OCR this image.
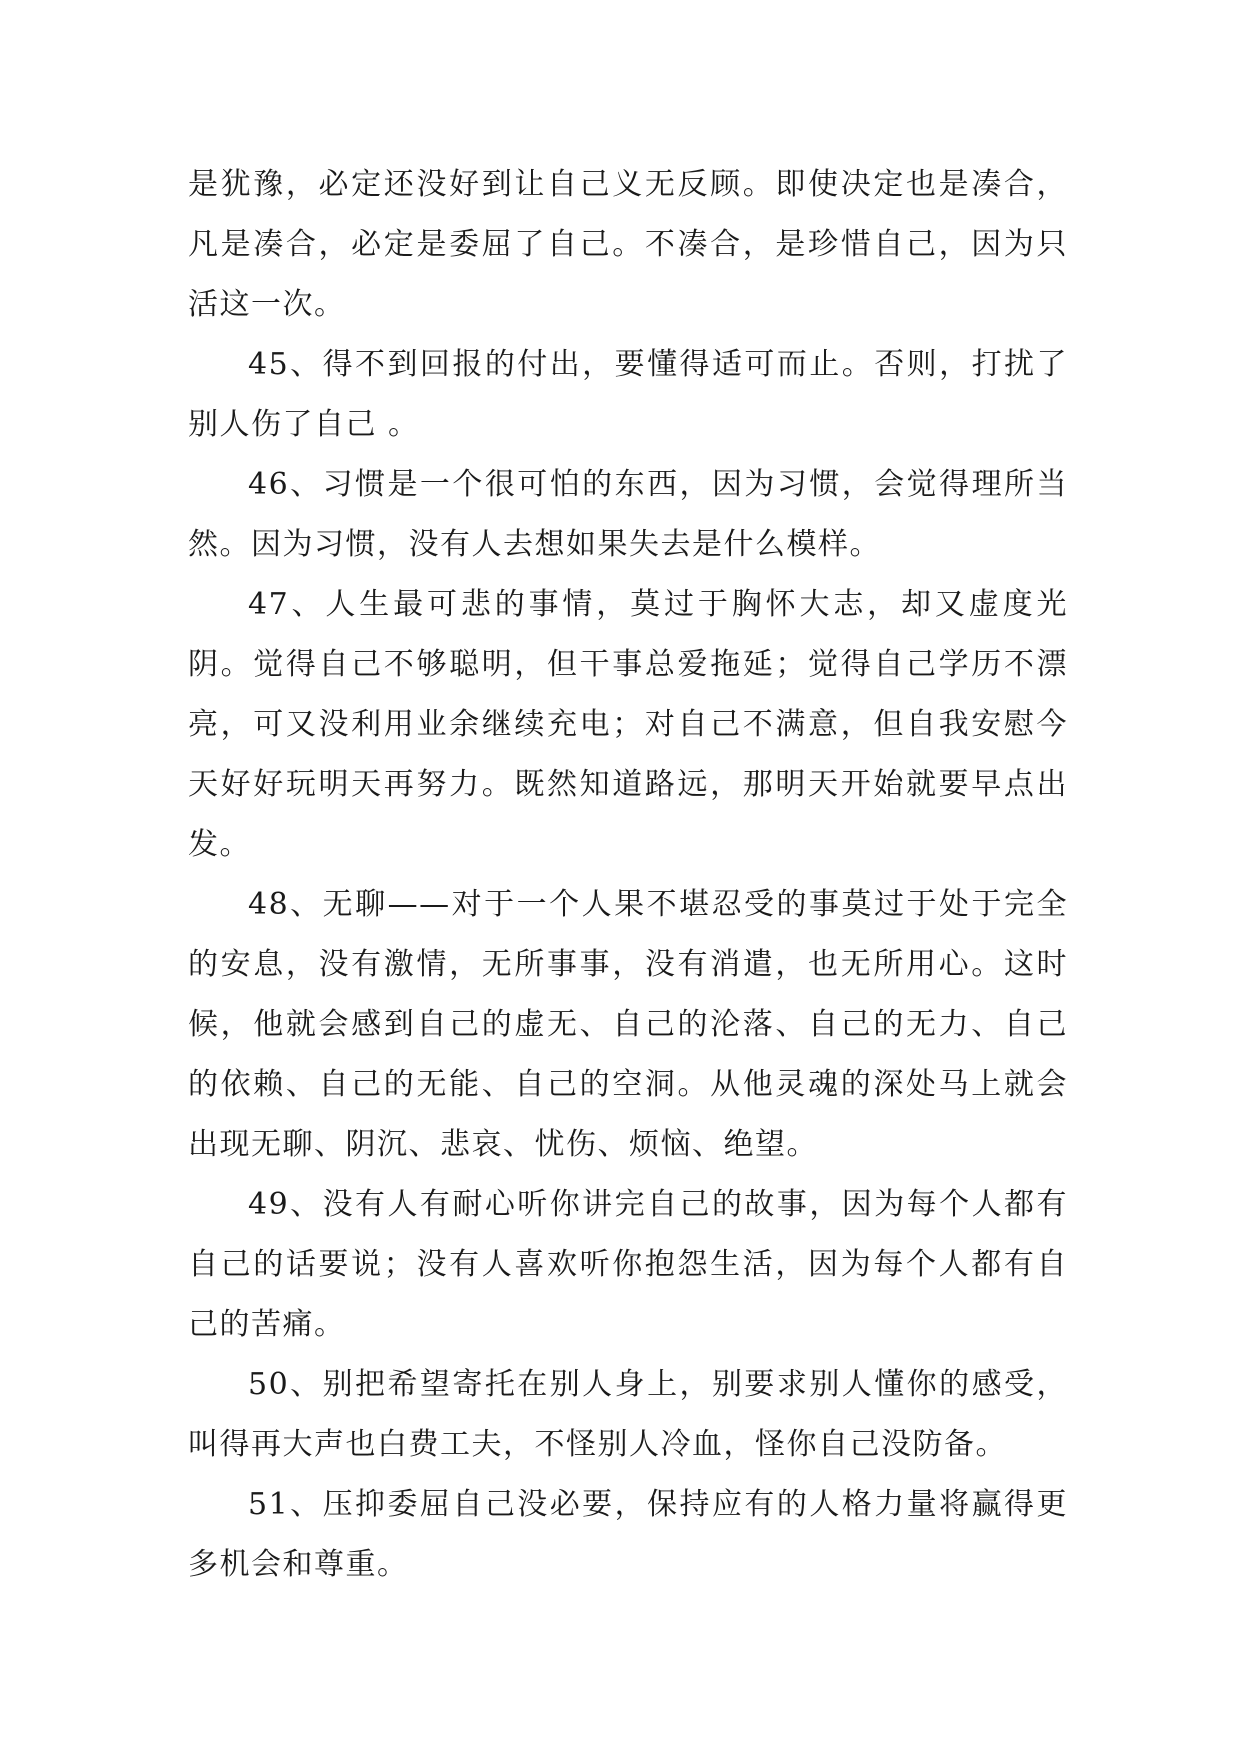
是犹豫，必定还没好到让自己义无反顾。即使决定也是凑合，凡是凑合，必定是委屈了自己。不凑合，是珍惜自己，因为只活这一次。

45、得不到回报的付出，要懂得适可而止。否则，打扰了别人伤了自己 。

46、习惯是一个很可怕的东西，因为习惯，会觉得理所当然。因为习惯，没有人去想如果失去是什么模样。

47、人生最可悲的事情，莫过于胸怀大志，却又虚度光阴。觉得自己不够聪明，但干事总爱拖延；觉得自己学历不漂亮，可又没利用业余继续充电；对自己不满意，但自我安慰今天好好玩明天再努力。既然知道路远，那明天开始就要早点出发。

48、无聊——对于一个人果不堪忍受的事莫过于处于完全的安息，没有激情，无所事事，没有消遣，也无所用心。这时候，他就会感到自己的虚无、自己的沦落、自己的无力、自己的依赖、自己的无能、自己的空洞。从他灵魂的深处马上就会出现无聊、阴沉、悲哀、忧伤、烦恼、绝望。

49、没有人有耐心听你讲完自己的故事，因为每个人都有自己的话要说；没有人喜欢听你抱怨生活，因为每个人都有自己的苦痛。

50、别把希望寄托在别人身上，别要求别人懂你的感受，叫得再大声也白费工夫，不怪别人冷血，怪你自己没防备。

51、压抑委屈自己没必要，保持应有的人格力量将赢得更多机会和尊重。
